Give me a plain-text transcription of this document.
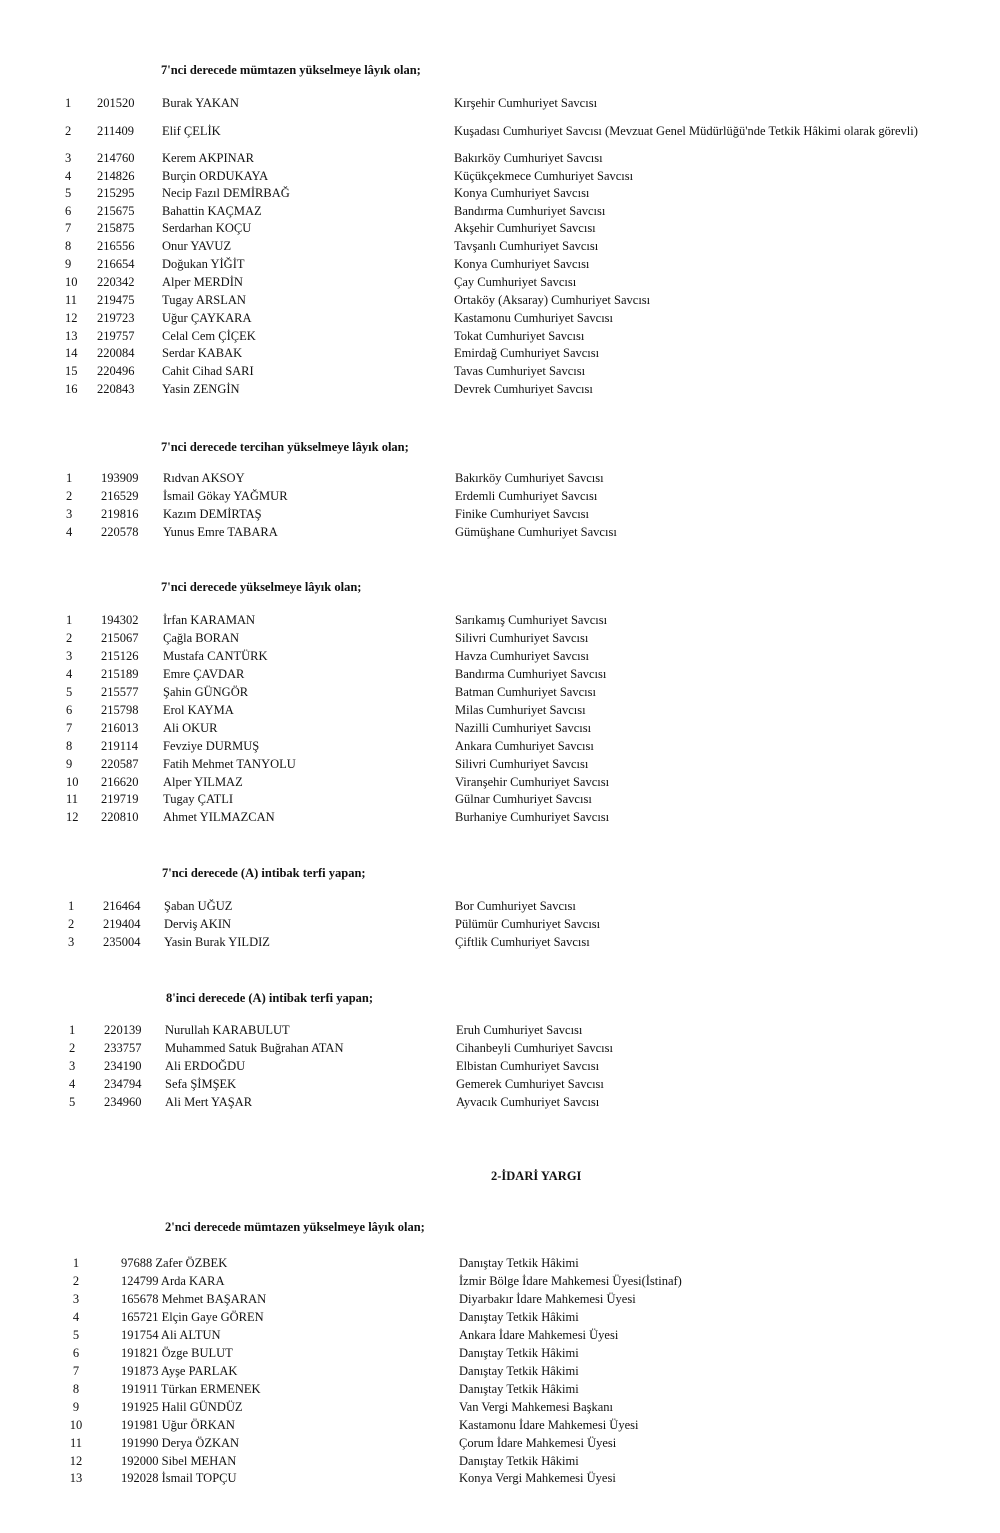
7'nci derecede mümtazen yükselmeye lâyık olan;
1 201520 Burak YAKAN	Kırşehir Cumhuriyet Savcısı
2 211409 Elif ÇELİK	Kuşadası Cumhuriyet Savcısı (Mevzuat Genel Müdürlüğü'nde Tetkik Hâkimi olarak görevli)
3 214760 Kerem AKPINAR	Bakırköy Cumhuriyet Savcısı
4 214826 Burçin ORDUKAYA	Küçükçekmece Cumhuriyet Savcısı
5 215295 Necip Fazıl DEMİRBAĞ	Konya Cumhuriyet Savcısı
6 215675 Bahattin KAÇMAZ	Bandırma Cumhuriyet Savcısı
7 215875 Serdarhan KOÇU	Akşehir Cumhuriyet Savcısı
8 216556 Onur YAVUZ	Tavşanlı Cumhuriyet Savcısı
9 216654 Doğukan YİĞİT	Konya Cumhuriyet Savcısı
10 220342 Alper MERDİN	Çay Cumhuriyet Savcısı
11 219475 Tugay ARSLAN	Ortaköy (Aksaray) Cumhuriyet Savcısı
12 219723 Uğur ÇAYKARA	Kastamonu Cumhuriyet Savcısı
13 219757 Celal Cem ÇİÇEK	Tokat Cumhuriyet Savcısı
14 220084 Serdar KABAK	Emirdağ Cumhuriyet Savcısı
15 220496 Cahit Cihad SARI	Tavas Cumhuriyet Savcısı
16 220843 Yasin ZENGİN	Devrek Cumhuriyet Savcısı
7'nci derecede tercihan yükselmeye lâyık olan;
1 193909 Rıdvan AKSOY	Bakırköy Cumhuriyet Savcısı
2 216529 İsmail Gökay YAĞMUR	Erdemli Cumhuriyet Savcısı
3 219816 Kazım DEMİRTAŞ	Finike Cumhuriyet Savcısı
4 220578 Yunus Emre TABARA	Gümüşhane Cumhuriyet Savcısı
7'nci derecede yükselmeye lâyık olan;
1 194302 İrfan KARAMAN	Sarıkamış Cumhuriyet Savcısı
2 215067 Çağla BORAN	Silivri Cumhuriyet Savcısı
3 215126 Mustafa CANTÜRK	Havza Cumhuriyet Savcısı
4 215189 Emre ÇAVDAR	Bandırma Cumhuriyet Savcısı
5 215577 Şahin GÜNGÖR	Batman Cumhuriyet Savcısı
6 215798 Erol KAYMA	Milas Cumhuriyet Savcısı
7 216013 Ali OKUR	Nazilli Cumhuriyet Savcısı
8 219114 Fevziye DURMUŞ	Ankara Cumhuriyet Savcısı
9 220587 Fatih Mehmet TANYOLU	Silivri Cumhuriyet Savcısı
10 216620 Alper YILMAZ	Viranşehir Cumhuriyet Savcısı
11 219719 Tugay ÇATLI	Gülnar Cumhuriyet Savcısı
12 220810 Ahmet YILMAZCAN	Burhaniye Cumhuriyet Savcısı
7'nci derecede (A) intibak terfi yapan;
1 216464 Şaban UĞUZ	Bor Cumhuriyet Savcısı
2 219404 Derviş AKIN	Pülümür Cumhuriyet Savcısı
3 235004 Yasin Burak YILDIZ	Çiftlik Cumhuriyet Savcısı
8'inci derecede (A) intibak terfi yapan;
1 220139 Nurullah KARABULUT	Eruh Cumhuriyet Savcısı
2 233757 Muhammed Satuk Buğrahan ATAN	Cihanbeyli Cumhuriyet Savcısı
3 234190 Ali ERDOĞDU	Elbistan Cumhuriyet Savcısı
4 234794 Sefa ŞİMŞEK	Gemerek Cumhuriyet Savcısı
5 234960 Ali Mert YAŞAR	Ayvacık Cumhuriyet Savcısı
2-İDARİ YARGI
2'nci derecede mümtazen yükselmeye lâyık olan;
1	97688 Zafer ÖZBEK	Danıştay Tetkik Hâkimi
2	124799 Arda KARA	İzmir Bölge İdare Mahkemesi Üyesi(İstinaf)
3	165678 Mehmet BAŞARAN	Diyarbakır İdare Mahkemesi Üyesi
4	165721 Elçin Gaye GÖREN	Danıştay Tetkik Hâkimi
5	191754 Ali ALTUN	Ankara İdare Mahkemesi Üyesi
6	191821 Özge BULUT	Danıştay Tetkik Hâkimi
7	191873 Ayşe PARLAK	Danıştay Tetkik Hâkimi
8	191911 Türkan ERMENEK	Danıştay Tetkik Hâkimi
9	191925 Halil GÜNDÜZ	Van Vergi Mahkemesi Başkanı
10	191981 Uğur ÖRKAN	Kastamonu İdare Mahkemesi Üyesi
11	191990 Derya ÖZKAN	Çorum İdare Mahkemesi Üyesi
12	192000 Sibel MEHAN	Danıştay Tetkik Hâkimi
13	192028 İsmail TOPÇU	Konya Vergi Mahkemesi Üyesi
